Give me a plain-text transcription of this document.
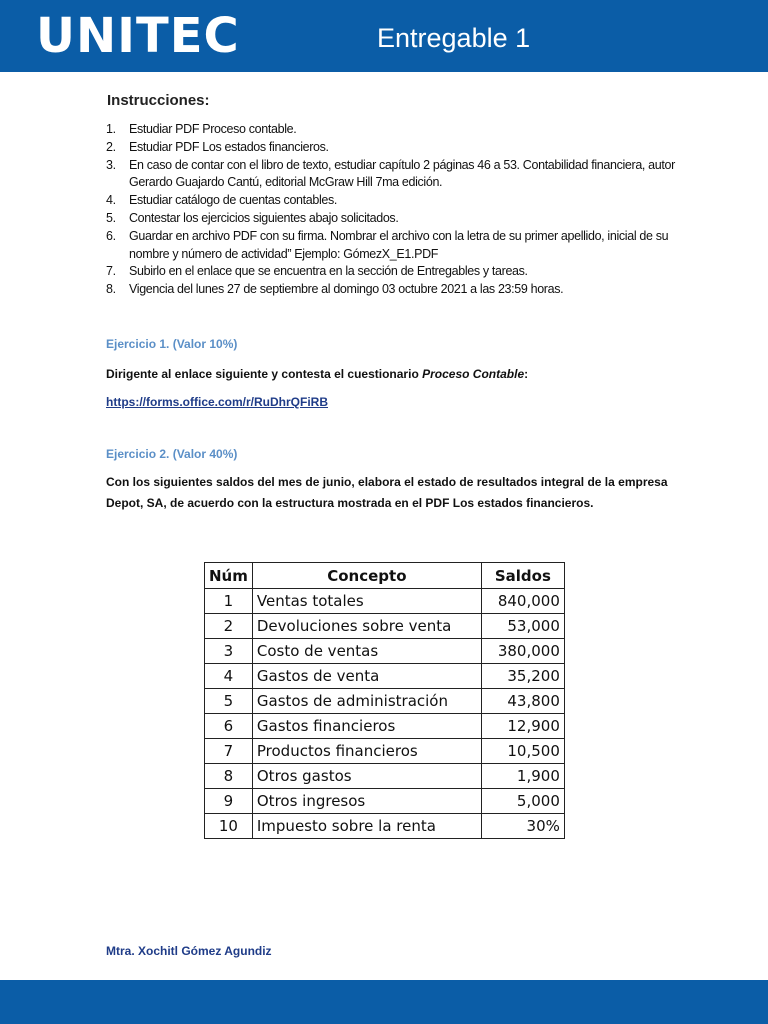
UNITEC	Entregable 1
Instrucciones:
1. Estudiar PDF Proceso contable.
2. Estudiar PDF Los estados financieros.
3. En caso de contar con el libro de texto, estudiar capítulo 2 páginas 46 a 53. Contabilidad financiera, autor Gerardo Guajardo Cantú, editorial McGraw Hill 7ma edición.
4. Estudiar catálogo de cuentas contables.
5. Contestar los ejercicios siguientes abajo solicitados.
6. Guardar en archivo PDF con su firma. Nombrar el archivo con la letra de su primer apellido, inicial de su nombre y número de actividad” Ejemplo: GómezX_E1.PDF
7. Subirlo en el enlace que se encuentra en la sección de Entregables y tareas.
8. Vigencia del lunes 27 de septiembre al domingo 03 octubre 2021 a las 23:59 horas.
Ejercicio 1. (Valor 10%)
Dirigente al enlace siguiente y contesta el cuestionario Proceso Contable:
https://forms.office.com/r/RuDhrQFiRB
Ejercicio 2. (Valor 40%)
Con los siguientes saldos del mes de junio, elabora el estado de resultados integral de la empresa Depot, SA, de acuerdo con la estructura mostrada en el PDF Los estados financieros.
Núm	Concepto	Saldos
1	Ventas totales	840,000
2	Devoluciones sobre venta	53,000
3	Costo de ventas	380,000
4	Gastos de venta	35,200
5	Gastos de administración	43,800
6	Gastos financieros	12,900
7	Productos financieros	10,500
8	Otros gastos	1,900
9	Otros ingresos	5,000
10	Impuesto sobre la renta	30%
Mtra. Xochitl Gómez Agundiz
